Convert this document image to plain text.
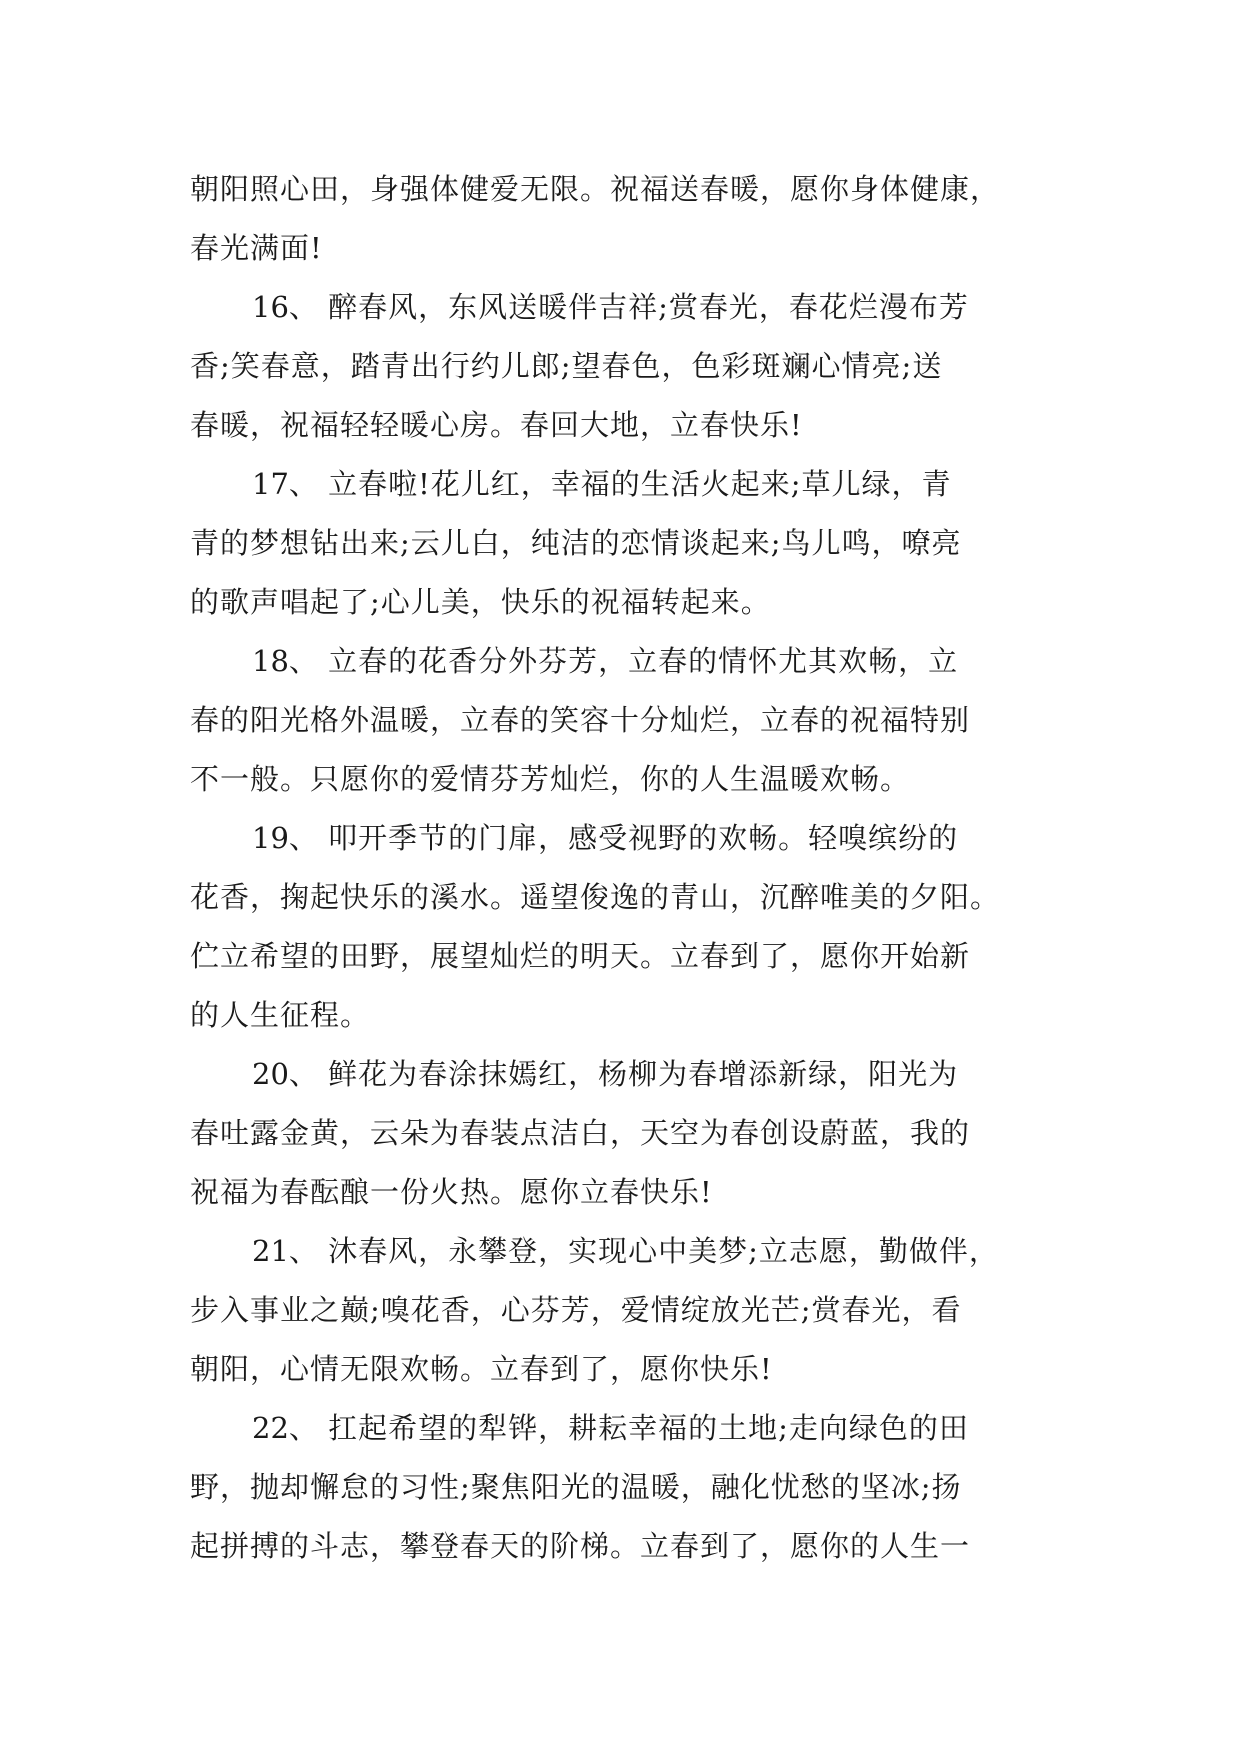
朝阳照心田，身强体健爱无限。祝福送春暖，愿你身体健康，
春光满面!
16、 醉春风，东风送暖伴吉祥;赏春光，春花烂漫布芳
香;笑春意，踏青出行约儿郎;望春色，色彩斑斓心情亮;送
春暖，祝福轻轻暖心房。春回大地，立春快乐!
17、 立春啦!花儿红，幸福的生活火起来;草儿绿，青
青的梦想钻出来;云儿白，纯洁的恋情谈起来;鸟儿鸣，嘹亮
的歌声唱起了;心儿美，快乐的祝福转起来。
18、 立春的花香分外芬芳，立春的情怀尤其欢畅，立
春的阳光格外温暖，立春的笑容十分灿烂，立春的祝福特别
不一般。只愿你的爱情芬芳灿烂，你的人生温暖欢畅。
19、 叩开季节的门扉，感受视野的欢畅。轻嗅缤纷的
花香，掬起快乐的溪水。遥望俊逸的青山，沉醉唯美的夕阳。
伫立希望的田野，展望灿烂的明天。立春到了，愿你开始新
的人生征程。
20、 鲜花为春涂抹嫣红，杨柳为春增添新绿，阳光为
春吐露金黄，云朵为春装点洁白，天空为春创设蔚蓝，我的
祝福为春酝酿一份火热。愿你立春快乐!
21、 沐春风，永攀登，实现心中美梦;立志愿，勤做伴，
步入事业之巅;嗅花香，心芬芳，爱情绽放光芒;赏春光，看
朝阳，心情无限欢畅。立春到了，愿你快乐!
22、 扛起希望的犁铧，耕耘幸福的土地;走向绿色的田
野，抛却懈怠的习性;聚焦阳光的温暖，融化忧愁的坚冰;扬
起拼搏的斗志，攀登春天的阶梯。立春到了，愿你的人生一
